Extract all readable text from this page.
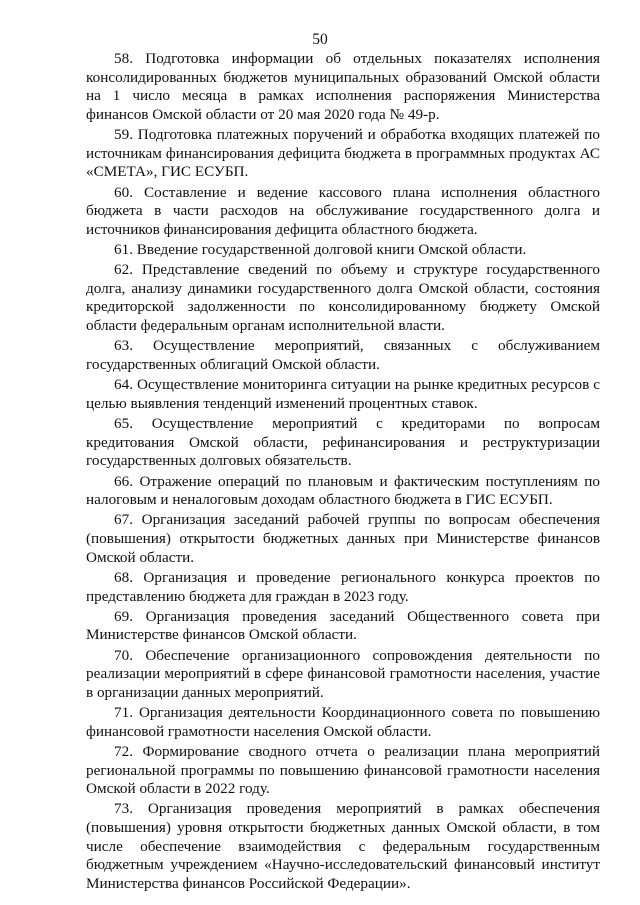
50

58. Подготовка информации об отдельных показателях исполнения консолидированных бюджетов муниципальных образований Омской области на 1 число месяца в рамках исполнения распоряжения Министерства финансов Омской области от 20 мая 2020 года № 49-р.

59. Подготовка платежных поручений и обработка входящих платежей по источникам финансирования дефицита бюджета в программных продуктах АС «СМЕТА», ГИС ЕСУБП.

60. Составление и ведение кассового плана исполнения областного бюджета в части расходов на обслуживание государственного долга и источников финансирования дефицита областного бюджета.

61. Введение государственной долговой книги Омской области.

62. Представление сведений по объему и структуре государственного долга, анализу динамики государственного долга Омской области, состояния кредиторской задолженности по консолидированному бюджету Омской области федеральным органам исполнительной власти.

63. Осуществление мероприятий, связанных с обслуживанием государственных облигаций Омской области.

64. Осуществление мониторинга ситуации на рынке кредитных ресурсов с целью выявления тенденций изменений процентных ставок.

65. Осуществление мероприятий с кредиторами по вопросам кредитования Омской области, рефинансирования и реструктуризации государственных долговых обязательств.

66. Отражение операций по плановым и фактическим поступлениям по налоговым и неналоговым доходам областного бюджета в ГИС ЕСУБП.

67. Организация заседаний рабочей группы по вопросам обеспечения (повышения) открытости бюджетных данных при Министерстве финансов Омской области.

68. Организация и проведение регионального конкурса проектов по представлению бюджета для граждан в 2023 году.

69. Организация проведения заседаний Общественного совета при Министерстве финансов Омской области.

70. Обеспечение организационного сопровождения деятельности по реализации мероприятий в сфере финансовой грамотности населения, участие в организации данных мероприятий.

71. Организация деятельности Координационного совета по повышению финансовой грамотности населения Омской области.

72. Формирование сводного отчета о реализации плана мероприятий региональной программы по повышению финансовой грамотности населения Омской области в 2022 году.

73. Организация проведения мероприятий в рамках обеспечения (повышения) уровня открытости бюджетных данных Омской области, в том числе обеспечение взаимодействия с федеральным государственным бюджетным учреждением «Научно-исследовательский финансовый институт Министерства финансов Российской Федерации».
